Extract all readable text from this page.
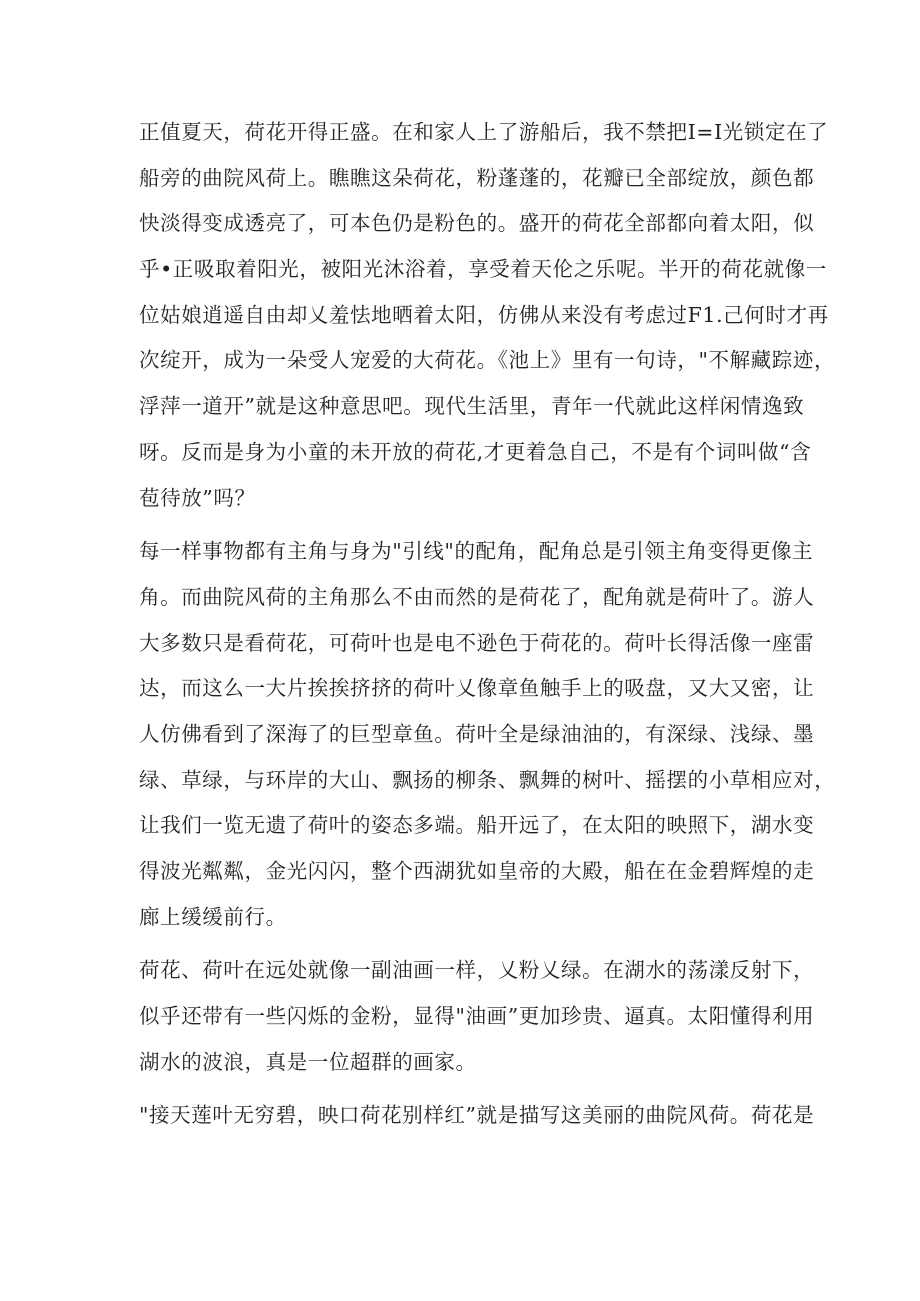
正值夏天，荷花开得正盛。在和家人上了游船后，我不禁把I=I光锁定在了
船旁的曲院风荷上。瞧瞧这朵荷花，粉蓬蓬的，花瓣已全部绽放，颜色都
快淡得变成透亮了，可本色仍是粉色的。盛开的荷花全部都向着太阳，似
乎•正吸取着阳光，被阳光沐浴着，享受着天伦之乐呢。半开的荷花就像一
位姑娘逍遥自由却乂羞怯地晒着太阳，仿佛从来没有考虑过F1.己何时才再
次绽开，成为一朵受人宠爱的大荷花。《池上》里有一句诗，"不解藏踪迹，
浮萍一道开”就是这种意思吧。现代生活里，青年一代就此这样闲情逸致
呀。反而是身为小童的未开放的荷花,才更着急自己，不是有个词叫做“含
苞待放”吗？
每一样事物都有主角与身为"引线"的配角，配角总是引领主角变得更像主
角。而曲院风荷的主角那么不由而然的是荷花了，配角就是荷叶了。游人
大多数只是看荷花，可荷叶也是电不逊色于荷花的。荷叶长得活像一座雷
达，而这么一大片挨挨挤挤的荷叶乂像章鱼触手上的吸盘，又大又密，让
人仿佛看到了深海了的巨型章鱼。荷叶全是绿油油的，有深绿、浅绿、墨
绿、草绿，与环岸的大山、飘扬的柳条、飘舞的树叶、摇摆的小草相应对，
让我们一览无遗了荷叶的姿态多端。船开远了，在太阳的映照下，湖水变
得波光粼粼，金光闪闪，整个西湖犹如皇帝的大殿，船在在金碧辉煌的走
廊上缓缓前行。
荷花、荷叶在远处就像一副油画一样，乂粉乂绿。在湖水的荡漾反射下，
似乎还带有一些闪烁的金粉，显得"油画”更加珍贵、逼真。太阳懂得利用
湖水的波浪，真是一位超群的画家。
"接天莲叶无穷碧，映口荷花别样红”就是描写这美丽的曲院风荷。荷花是
